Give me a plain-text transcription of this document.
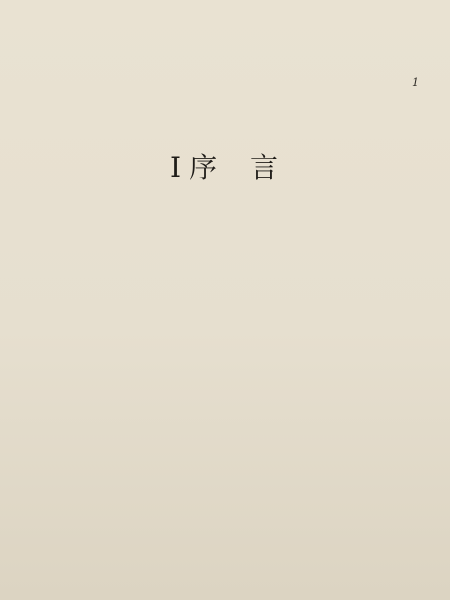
1
I 序 言
